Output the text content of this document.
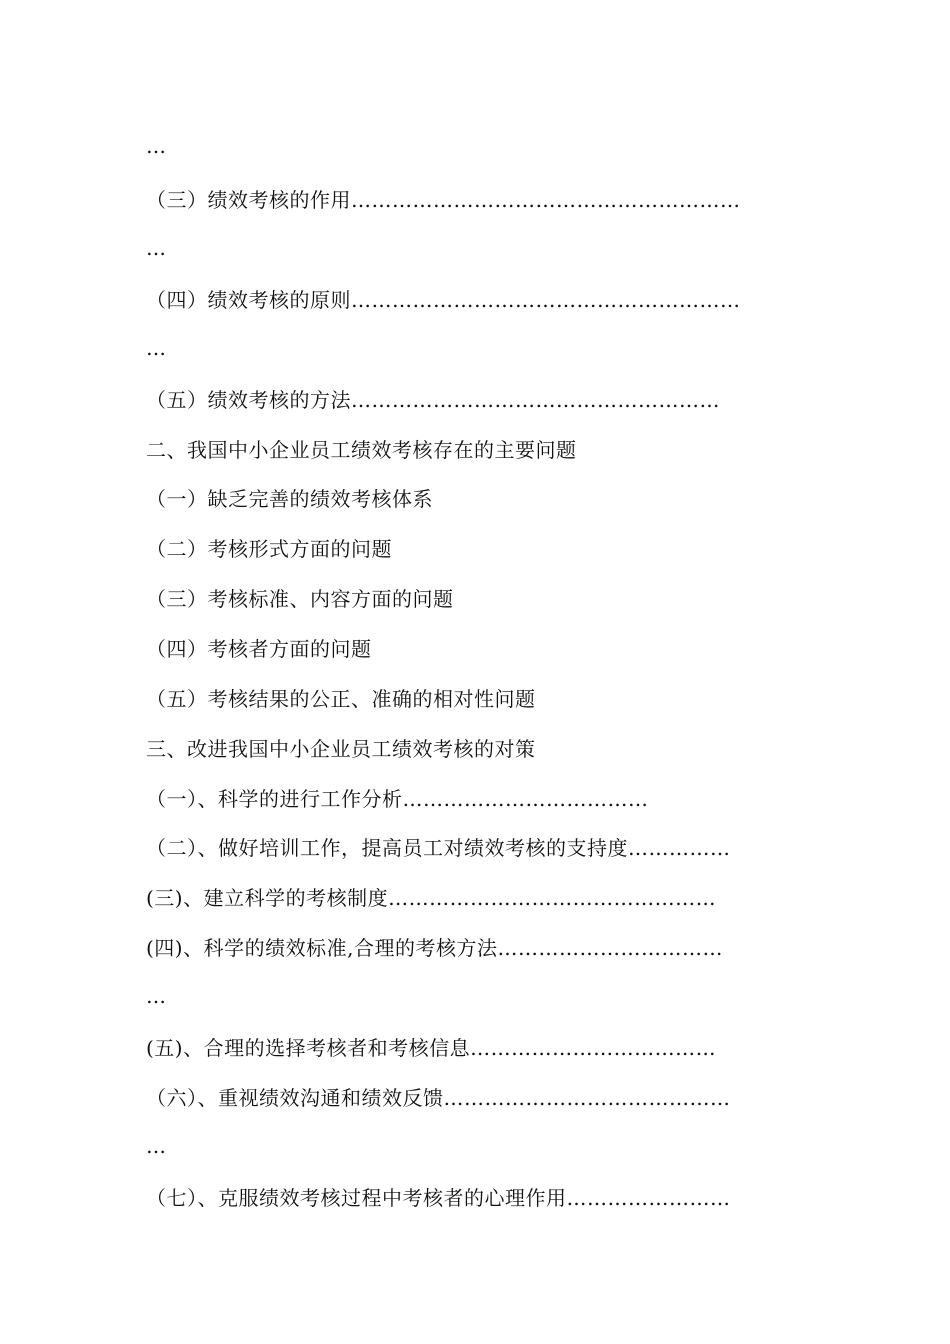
…
（三）绩效考核的作用…………………………………………………
…
（四）绩效考核的原则…………………………………………………
…
（五）绩效考核的方法………………………………………………
二、我国中小企业员工绩效考核存在的主要问题
（一）缺乏完善的绩效考核体系
（二）考核形式方面的问题
（三）考核标准、内容方面的问题
（四）考核者方面的问题
（五）考核结果的公正、准确的相对性问题
三、改进我国中小企业员工绩效考核的对策
（一）、科学的进行工作分析………………………………
（二）、做好培训工作，提高员工对绩效考核的支持度……………
(三)、建立科学的考核制度…………………………………………
(四)、科学的绩效标准,合理的考核方法……………………………
…
(五)、合理的选择考核者和考核信息………………………………
（六）、重视绩效沟通和绩效反馈……………………………………
…
（七）、克服绩效考核过程中考核者的心理作用……………………
